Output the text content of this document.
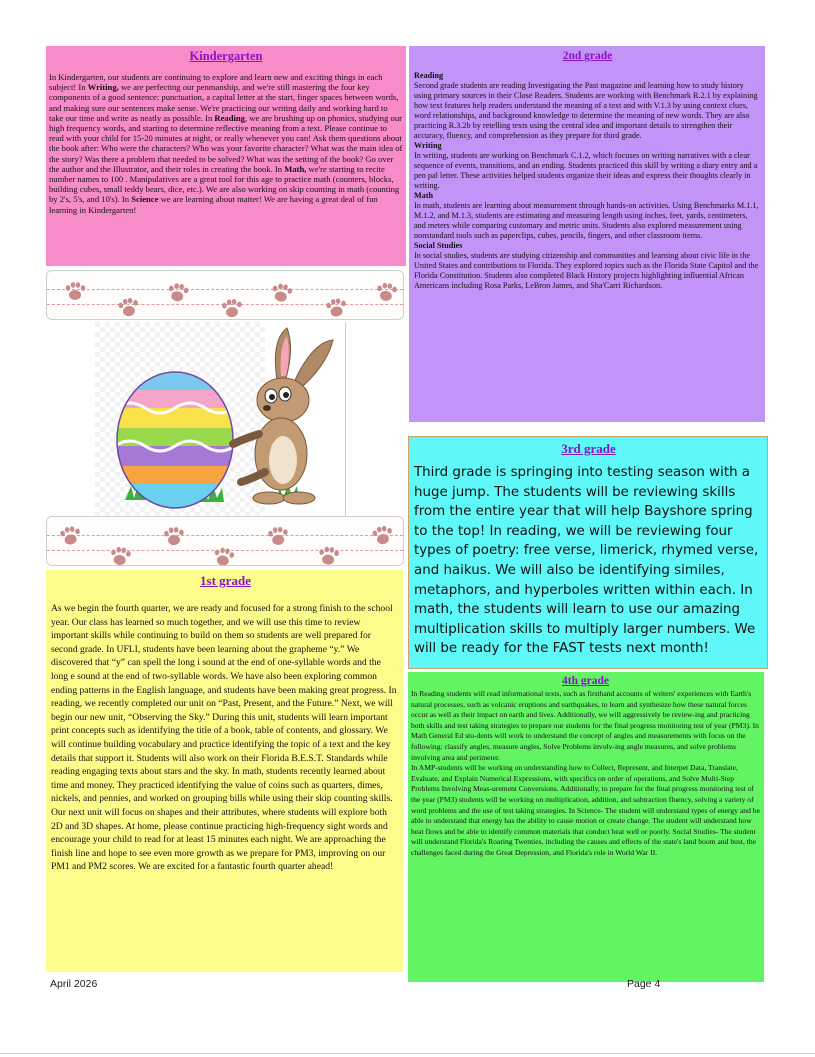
Kindergarten

In Kindergarten, our students are continuing to explore and learn new and exciting things in each subject! In Writing, we are perfecting our penmanship, and we're still mastering the four key components of a good sentence: punctuation, a capital letter at the start, finger spaces between words, and making sure our sentences make sense. We're practicing our writing daily and working hard to take our time and write as neatly as possible. In Reading, we are brushing up on phonics, studying our high frequency words, and starting to determine reflective meaning from a text. Please continue to read with your child for 15-20 minutes at night, or really whenever you can! Ask them questions about the book after: Who were the characters? Who was your favorite character? What was the main idea of the story? Was there a problem that needed to be solved? What was the setting of the book? Go over the author and the Illustrator, and their roles in creating the book. In Math, we're starting to recite number names to 100 . Manipulatives are a great tool for this age to practice math (counters, blocks, building cubes, small teddy bears, dice, etc.). We are also working on skip counting in math (counting by 2's, 5's, and 10's). In Science we are learning about matter! We are having a great deal of fun learning in Kindergarten!

2nd grade

Reading

Second grade students are reading Investigating the Past magazine and learning how to study history using primary sources in their Close Readers. Students are working with Benchmark R.2.1 by explaining how text features help readers understand the meaning of a text and with V.1.3 by using context clues, word relationships, and background knowledge to determine the meaning of new words. They are also practicing R.3.2b by retelling texts using the central idea and important details to strengthen their accuracy, fluency, and comprehension as they prepare for third grade.

Writing

In writing, students are working on Benchmark C.1.2, which focuses on writing narratives with a clear sequence of events, transitions, and an ending. Students practiced this skill by writing a diary entry and a pen pal letter. These activities helped students organize their ideas and express their thoughts clearly in writing.

Math

In math, students are learning about measurement through hands-on activities. Using Benchmarks M.1.1, M.1.2, and M.1.3, students are estimating and measuring length using inches, feet, yards, centimeters, and meters while comparing customary and metric units. Students also explored measurement using nonstandard tools such as paperclips, cubes, pencils, fingers, and other classroom items.

Social Studies

In social studies, students are studying citizenship and communities and learning about civic life in the United States and contributions to Florida. They explored topics such as the Florida State Capitol and the Florida Constitution. Students also completed Black History projects highlighting influential African Americans including Rosa Parks, LeBron James, and Sha'Carri Richardson.

3rd grade

Third grade is springing into testing season with a huge jump. The students will be reviewing skills from the entire year that will help Bayshore spring to the top! In reading, we will be reviewing four types of poetry: free verse, limerick, rhymed verse, and haikus. We will also be identifying similes, metaphors, and hyperboles written within each. In math, the students will learn to use our amazing multiplication skills to multiply larger numbers. We will be ready for the FAST tests next month!

1st grade

As we begin the fourth quarter, we are ready and focused for a strong finish to the school year. Our class has learned so much together, and we will use this time to review important skills while continuing to build on them so students are well prepared for second grade. In UFLI, students have been learning about the grapheme “y.” We discovered that “y” can spell the long i sound at the end of one-syllable words and the long e sound at the end of two-syllable words. We have also been exploring common ending patterns in the English language, and students have been making great progress. In reading, we recently completed our unit on “Past, Present, and the Future.” Next, we will begin our new unit, “Observing the Sky.” During this unit, students will learn important print concepts such as identifying the title of a book, table of contents, and glossary. We will continue building vocabulary and practice identifying the topic of a text and the key details that support it. Students will also work on their Florida B.E.S.T. Standards while reading engaging texts about stars and the sky. In math, students recently learned about time and money. They practiced identifying the value of coins such as quarters, dimes, nickels, and pennies, and worked on grouping bills while using their skip counting skills. Our next unit will focus on shapes and their attributes, where students will explore both 2D and 3D shapes. At home, please continue practicing high-frequency sight words and encourage your child to read for at least 15 minutes each night. We are approaching the finish line and hope to see even more growth as we prepare for PM3, improving on our PM1 and PM2 scores. We are excited for a fantastic fourth quarter ahead!

4th grade

In Reading students will read informational texts, such as firsthand accounts of writers' experiences with Earth's natural processes, such as volcanic eruptions and earthquakes, to learn and synthesize how these natural forces occur as well as their impact on earth and lives. Additionally, we will aggressively be review-ing and practicing both skills and test taking strategies to prepare our students for the final progress monitoring test of year (PM3). In Math General Ed stu-dents will work to understand the concept of angles and measurements with focus on the following: classify angles, measure angles, Solve Problems involv-ing angle measures, and solve problems involving area and perimeter.
In AMP-students will be working on understanding how to Collect, Represent, and Interpet Data, Translate, Evaluate, and Explain Numerical Expressions, with specifics on order of operations, and Solve Multi-Step Problems Involving Meas-urement Conversions. Additionally, to prepare for the final progress monitoring test of the year (PM3) students will be working on multiplication, addition, and subtraction fluency, solving a variety of word problems and the use of test taking strategies. In Science- The student will understand types of energy and be able to understand that energy has the ability to cause motion or create change. The student will understand how heat flows and be able to identify common materials that conduct heat well or poorly. Social Studies- The student will understand Florida's Roaring Twenties, including the causes and effects of the state's land boom and bust, the challenges faced during the Great Depression, and Florida's role in World War II.

April 2026	Page 4
